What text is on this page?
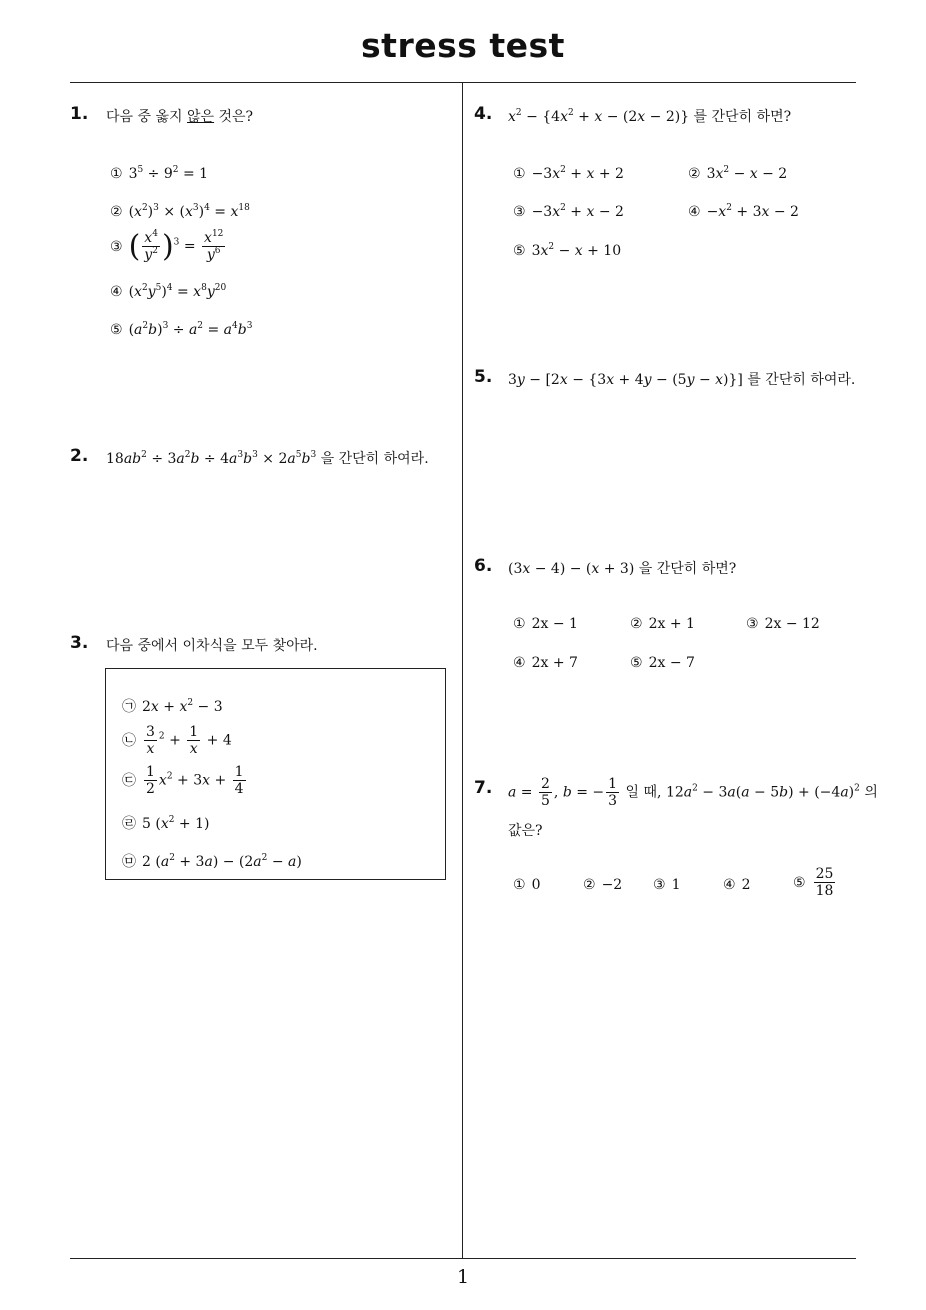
stress test
1. 다음 중 옳지 않은 것은?
① $3^5 \div 9^2 = 1$
② $(x^2)^3 \times (x^3)^4 = x^{18}$
③ ( $\frac{x^4}{y^2} )^3 = \frac{x^{12}}{y^6}$
④ $(x^2y^5)^4 = x^8y^{20}$
⑤ $(a^2b)^3 \div a^2 = a^4b^3$
2. $18ab^2 \div 3a^2b \div 4a^3b^3 \times 2a^5b^3$ 을 간단히 하여라.
3. 다음 중에서 이차식을 모두 찾아라.
㉠ $2x + x^2 - 3$
㉡ $\frac{3}{x} ^2 + \frac{1}{x} + 4$
㉢ $\frac{1}{2} x^2 + 3x + \frac{1}{4}$
㉣ 5 $(x^2 + 1)$
㉤ 2 $(a^2 + 3a) - (2a^2 - a)$
4. $x^2 - \{4x^2 + x - (2x - 2)\}$ 를 간단히 하면?
① $-3x^2 + x + 2$	② $3x^2 - x - 2$
③ $-3x^2 + x - 2$	④ $-x^2 + 3x - 2$
⑤ $3x^2 - x + 10$
5. 3y − [2x − {3x + 4y − (5y − x)}] 를 간단히 하여라.
6. (3x − 4) − (x + 3) 을 간단히 하면?
① 2x − 1	② 2x + 1	③ 2x − 12
④ 2x + 7	⑤ 2x − 7
7. $a = \frac{2}{5}$ , b = − $\frac{1}{3}$ 일 때, $12a^2 - 3a(a - 5b) + (-4a)^2$ 의
값은?
① 0	② −2 ③ 1	④ 2	⑤ $\frac{25}{18}$
1
